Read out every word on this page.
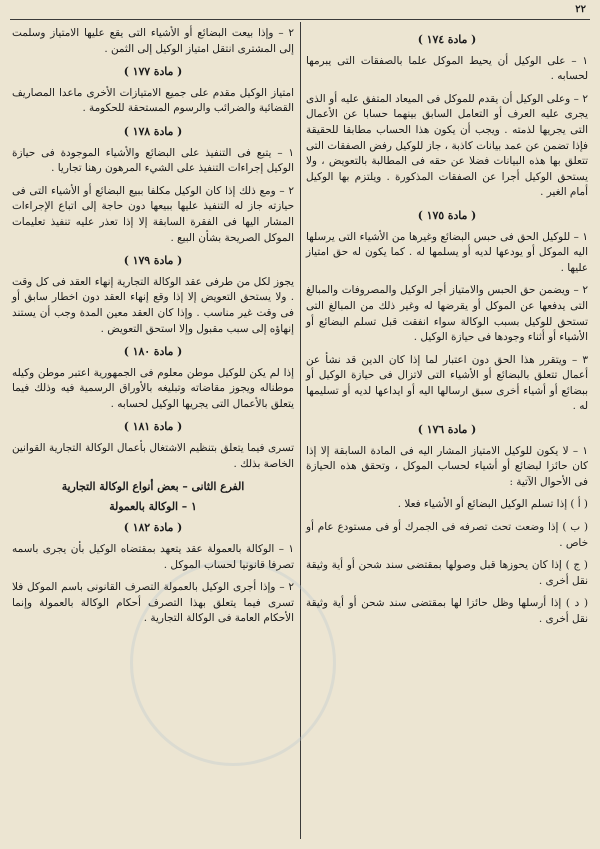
٢٢
( مادة ١٧٤ )

١ – على الوكيل أن يحيط الموكل علما بالصفقات التى يبرمها لحسابه .

٢ – وعلى الوكيل أن يقدم للموكل فى الميعاد المتفق عليه أو الذى يجرى عليه العرف أو التعامل السابق بينهما حسابا عن الأعمال التى يجريها لذمته . ويجب أن يكون هذا الحساب مطابقا للحقيقة فإذا تضمن عن عمد بيانات كاذبة ، جاز للوكيل رفض الصفقات التى تتعلق بها هذه البيانات فضلا عن حقه فى المطالبة بالتعويض ، ولا يستحق الوكيل أجرا عن الصفقات المذكورة . ويلتزم بها الوكيل أمام الغير .

( مادة ١٧٥ )

١ – للوكيل الحق فى حبس البضائع وغيرها من الأشياء التى يرسلها اليه الموكل أو يودعها لديه أو يسلمها له . كما يكون له حق امتياز عليها .

٢ – ويضمن حق الحبس والامتياز أجر الوكيل والمصروفات والمبالغ التى يدفعها عن الموكل أو يقرضها له وغير ذلك من المبالغ التى تستحق للوكيل بسبب الوكالة سواء انفقت قبل تسلم البضائع أو الأشياء أو أثناء وجودها فى حيازة الوكيل .

٣ – ويتقرر هذا الحق دون اعتبار لما إذا كان الدين قد نشأ عن أعمال تتعلق بالبضائع أو الأشياء التى لاتزال فى حيازة الوكيل أو ببضائع أو أشياء أخرى سبق ارسالها اليه أو ايداعها لديه أو تسليمها له .

( مادة ١٧٦ )

١ – لا يكون للوكيل الامتياز المشار اليه فى المادة السابقة إلا إذا كان حائزا لبضائع أو أشياء لحساب الموكل ، وتحقق هذه الحيازة فى الأحوال الآتية :

( أ ) إذا تسلم الوكيل البضائع أو الأشياء فعلا .

( ب ) إذا وضعت تحت تصرفه فى الجمرك أو فى مستودع عام أو خاص .

( ج ) إذا كان يحوزها قبل وصولها بمقتضى سند شحن أو أية وثيقة نقل أخرى .

( د ) إذا أرسلها وظل حائزا لها بمقتضى سند شحن أو أية وثيقة نقل أخرى .

٢ – وإذا بيعت البضائع أو الأشياء التى يقع عليها الامتياز وسلمت إلى المشترى انتقل امتياز الوكيل إلى الثمن .

( مادة ١٧٧ )

امتياز الوكيل مقدم على جميع الامتيازات الأخرى ماعدا المصاريف القضائية والضرائب والرسوم المستحقة للحكومة .

( مادة ١٧٨ )

١ – يتبع فى التنفيذ على البضائع والأشياء الموجودة فى حيازة الوكيل إجراءات التنفيذ على الشيء المرهون رهنا تجاريا .

٢ – ومع ذلك إذا كان الوكيل مكلفا ببيع البضائع أو الأشياء التى فى حيازته جاز له التنفيذ عليها ببيعها دون حاجة إلى اتباع الإجراءات المشار اليها فى الفقرة السابقة إلا إذا تعذر عليه تنفيذ تعليمات الموكل الصريحة بشأن البيع .

( مادة ١٧٩ )

يجوز لكل من طرفى عقد الوكالة التجارية إنهاء العقد فى كل وقت . ولا يستحق التعويض إلا إذا وقع إنهاء العقد دون اخطار سابق أو فى وقت غير مناسب . وإذا كان العقد معين المدة وجب أن يستند إنهاؤه إلى سبب مقبول وإلا استحق التعويض .

( مادة ١٨٠ )

إذا لم يكن للوكيل موطن معلوم فى الجمهورية اعتبر موطن وكيله موطناله ويجوز مقاضاته وتبليغه بالأوراق الرسمية فيه وذلك فيما يتعلق بالأعمال التى يجريها الوكيل لحسابه .

( مادة ١٨١ )

تسرى فيما يتعلق بتنظيم الاشتغال بأعمال الوكالة التجارية القوانين الخاصة بذلك .

الفرع الثانى – بعض أنواع الوكالة التجارية
١ – الوكالة بالعمولة
( مادة ١٨٢ )

١ – الوكالة بالعمولة عقد يتعهد بمقتضاه الوكيل بأن يجرى باسمه تصرفا قانونيا لحساب الموكل .

٢ – وإذا أجرى الوكيل بالعمولة التصرف القانونى باسم الموكل فلا تسرى فيما يتعلق بهذا التصرف أحكام الوكالة بالعمولة وإنما الأحكام العامة فى الوكالة التجارية .
